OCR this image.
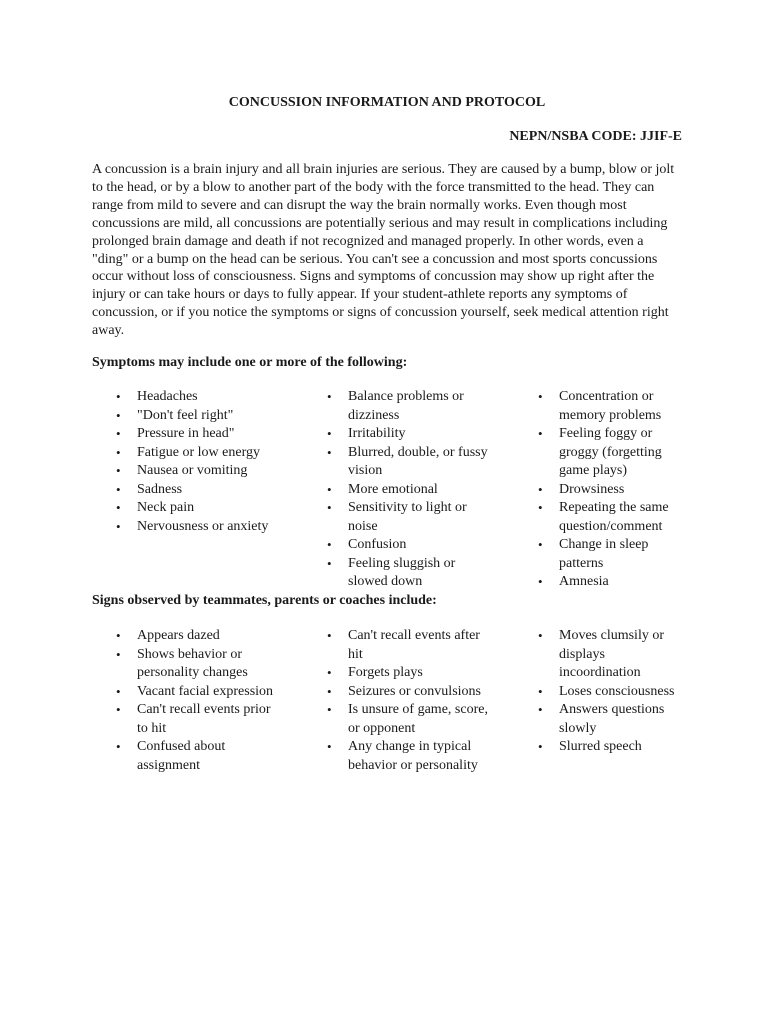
CONCUSSION INFORMATION AND PROTOCOL

NEPN/NSBA CODE: JJIF-E

A concussion is a brain injury and all brain injuries are serious. They are caused by a bump, blow or jolt to the head, or by a blow to another part of the body with the force transmitted to the head. They can range from mild to severe and can disrupt the way the brain normally works. Even though most concussions are mild, all concussions are potentially serious and may result in complications including prolonged brain damage and death if not recognized and managed properly. In other words, even a "ding" or a bump on the head can be serious. You can't see a concussion and most sports concussions occur without loss of consciousness. Signs and symptoms of concussion may show up right after the injury or can take hours or days to fully appear. If your student-athlete reports any symptoms of concussion, or if you notice the symptoms or signs of concussion yourself, seek medical attention right away.

Symptoms may include one or more of the following:

• Headaches
• "Don't feel right"
• Pressure in head"
• Fatigue or low energy
• Nausea or vomiting
• Sadness
• Neck pain
• Nervousness or anxiety
• Balance problems or dizziness
• Irritability
• Blurred, double, or fussy vision
• More emotional
• Sensitivity to light or noise
• Confusion
• Feeling sluggish or slowed down
• Concentration or memory problems
• Feeling foggy or groggy (forgetting game plays)
• Drowsiness
• Repeating the same question/comment
• Change in sleep patterns
• Amnesia

Signs observed by teammates, parents or coaches include:

• Appears dazed
• Shows behavior or personality changes
• Vacant facial expression
• Can't recall events prior to hit
• Confused about assignment
• Can't recall events after hit
• Forgets plays
• Seizures or convulsions
• Is unsure of game, score, or opponent
• Any change in typical behavior or personality
• Moves clumsily or displays incoordination
• Loses consciousness
• Answers questions slowly
• Slurred speech
